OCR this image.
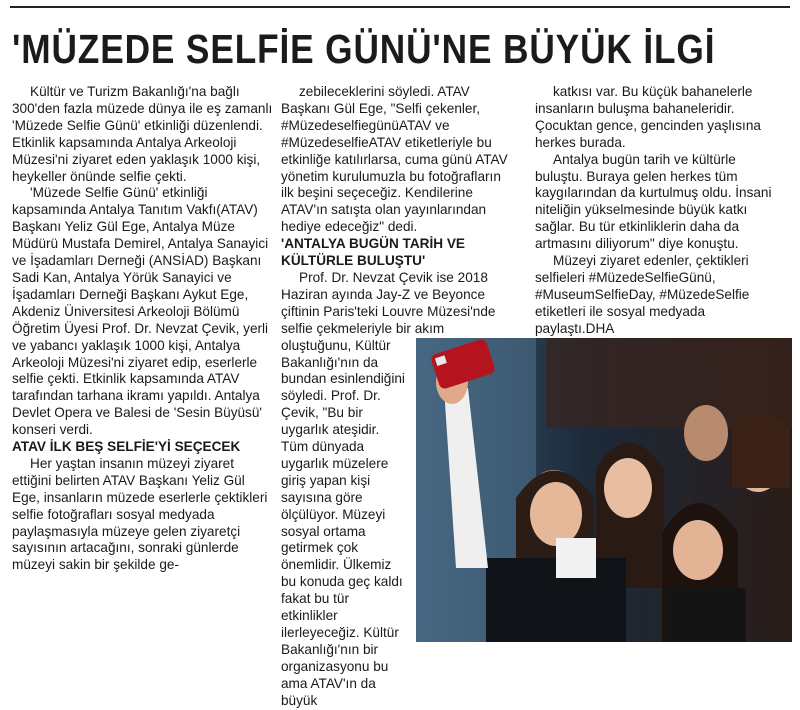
'MÜZEDE SELFİE GÜNÜ'NE BÜYÜK İLGİ

Kültür ve Turizm Bakanlığı'na bağlı 300'den fazla müzede dünya ile eş zamanlı 'Müzede Selfie Günü' etkinliği düzenlendi. Etkinlik kapsamında Antalya Arkeoloji Müzesi'ni ziyaret eden yaklaşık 1000 kişi, heykeller önünde selfie çekti.

'Müzede Selfie Günü' etkinliği kapsamında Antalya Tanıtım Vakfı(ATAV) Başkanı Yeliz Gül Ege, Antalya Müze Müdürü Mustafa Demirel, Antalya Sanayici ve İşadamları Derneği (ANSİAD) Başkanı Sadi Kan, Antalya Yörük Sanayici ve İşadamları Derneği Başkanı Aykut Ege, Akdeniz Üniversitesi Arkeoloji Bölümü Öğretim Üyesi Prof. Dr. Nevzat Çevik, yerli ve yabancı yaklaşık 1000 kişi, Antalya Arkeoloji Müzesi'ni ziyaret edip, eserlerle selfie çekti. Etkinlik kapsamında ATAV tarafından tarhana ikramı yapıldı. Antalya Devlet Opera ve Balesi de 'Sesin Büyüsü' konseri verdi.

ATAV İLK BEŞ SELFİE'Yİ SEÇECEK

Her yaştan insanın müzeyi ziyaret ettiğini belirten ATAV Başkanı Yeliz Gül Ege, insanların müzede eserlerle çektikleri selfie fotoğrafları sosyal medyada paylaşmasıyla müzeye gelen ziyaretçi sayısının artacağını, sonraki günlerde müzeyi sakin bir şekilde ge-

zebileceklerini söyledi. ATAV Başkanı Gül Ege, "Selfi çekenler, #MüzedeselfiegünüATAV ve #MüzedeselfieATAV etiketleriyle bu etkinliğe katılırlarsa, cuma günü ATAV yönetim kurulumuzla bu fotoğrafların ilk beşini seçeceğiz. Kendilerine ATAV'ın satışta olan yayınlarından hediye edeceğiz" dedi.

'ANTALYA BUGÜN TARİH VE KÜLTÜRLE BULUŞTU'

Prof. Dr. Nevzat Çevik ise 2018 Haziran ayında Jay-Z ve Beyonce çiftinin Paris'teki Louvre Müzesi'nde selfie çekmeleriyle bir akım oluştuğunu, Kültür

Bakanlığı'nın da bundan esinlendiğini söyledi. Prof. Dr. Çevik, "Bu bir uygarlık ateşidir. Tüm dünyada uygarlık müzelere giriş yapan kişi sayısına göre ölçülüyor. Müzeyi sosyal ortama getirmek çok önemlidir. Ülkemiz bu konuda geç kaldı fakat bu tür etkinlikler ilerleyeceğiz. Kültür Bakanlığı'nın bir organizasyonu bu ama ATAV'ın da büyük

katkısı var. Bu küçük bahanelerle insanların buluşma bahaneleridir. Çocuktan gence, gencinden yaşlısına herkes burada.

Antalya bugün tarih ve kültürle buluştu. Buraya gelen herkes tüm kaygılarından da kurtulmuş oldu. İnsani niteliğin yükselmesinde büyük katkı sağlar. Bu tür etkinliklerin daha da artmasını diliyorum" diye konuştu.

Müzeyi ziyaret edenler, çektikleri selfieleri #MüzedeSelfieGünü, #MuseumSelfieDay, #MüzedeSelfie etiketleri ile sosyal medyada paylaştı.DHA
